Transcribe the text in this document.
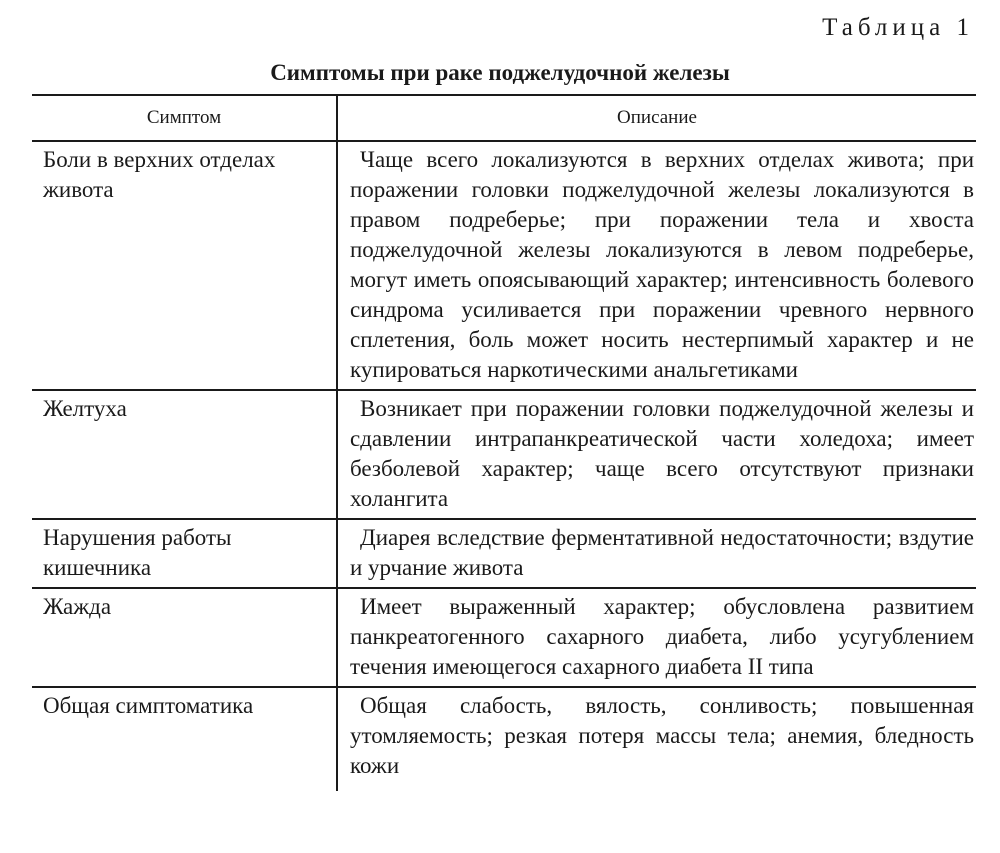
Таблица 1
Симптомы при раке поджелудочной железы
Симптом	Описание
Боли в верхних отделах живота	Чаще всего локализуются в верхних отделах живота; при поражении головки поджелудочной железы локализуются в правом подреберье; при поражении тела и хвоста поджелудочной железы локализуются в левом подреберье, могут иметь опоясывающий характер; интенсивность болевого синдрома усиливается при поражении чревного нервного сплетения, боль может носить нестерпимый характер и не купироваться наркотическими анальгетиками
Желтуха	Возникает при поражении головки поджелудочной железы и сдавлении интрапанкреатической части холедоха; имеет безболевой характер; чаще всего отсутствуют признаки холангита
Нарушения работы кишечника	Диарея вследствие ферментативной недостаточности; вздутие и урчание живота
Жажда	Имеет выраженный характер; обусловлена развитием панкреатогенного сахарного диабета, либо усугублением течения имеющегося сахарного диабета II типа
Общая симптоматика	Общая слабость, вялость, сонливость; повышенная утомляемость; резкая потеря массы тела; анемия, бледность кожи
